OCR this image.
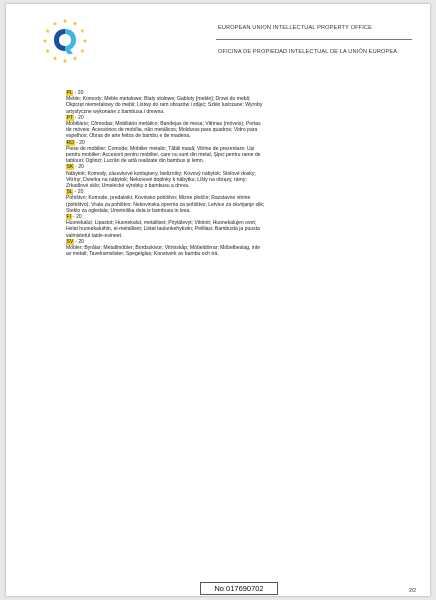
EUROPEAN UNION INTELLECTUAL PROPERTY OFFICE
OFICINA DE PROPIEDAD INTELECTUAL DE LA UNIÓN EUROPEA
PL - 20
Meble; Komody; Meble metalowe; Blaty stołowe; Gabloty [meble]; Drzwi do mebli; Okprzęt niemetalowy do mebli; Listwy do ram obrazów i zdjęć; Szkło lustrzane; Wyroby artystyczne wykonane z bambusa i drewna.
PT - 20
Mobiliário; Cômodas; Mobiliário metálico; Bandejas de mesa; Vitrinas (móveis); Portas de móveis; Acessórios de mobília, não metálicos; Molduras para quadros; Vidro para espelhos; Obras de arte feitos de bambu e de madeira.
RO - 20
Piese de mobilier; Comode; Mobilier metalic; Tăblii masă; Vitrine de prezentare; Uși pentru mobilier; Accesorii pentru mobilier, care nu sunt din metal; Șipci pentru rame de tablouri; Oglinzi; Lucrări de artă realizate din bambus și lemn.
SK - 20
Nábytok; Komody, zásuvkové kontajnery, bielizníky; Kovový nábytok; Stolové dosky; Vitríny; Dvierka na nábytok; Nekovové doplnky k nábytku; Lišty na obrazy, rámy; Zrkadlové sklo; Umelecké výrobky z bambusu a dreva.
SL - 20
Pohištvo; Komode, predalniki; Kovinsko pohištvo; Mizne plošče; Razstavne vitrine (pohištvo); Vrata za pohištvo; Nekovinska oprema za pohištvo; Letvice za okvirjanje slik; Steklo za ogledala; Umetniška dela iz bambusa in lesa.
FI - 20
Huonekalut; Lipastot; Huonekalut, metalliset; Pöytälevyt; Vitriinit; Huonekalujen ovet; Helat huonekaluihin, ei-metalliset; Listat taulunkehyksiin; Peililasi; Bambusta ja puusta valmistetut taide-esineet.
SV - 20
Möbler; Byrålar; Metallmöbler; Bordsskivor; Vitrinskåp; Möbeldörrar; Möbelbeslag, inte av metall; Tavelramslister; Spegelglas; Konstverk av bambu och trä.
No 017690702	2/2
